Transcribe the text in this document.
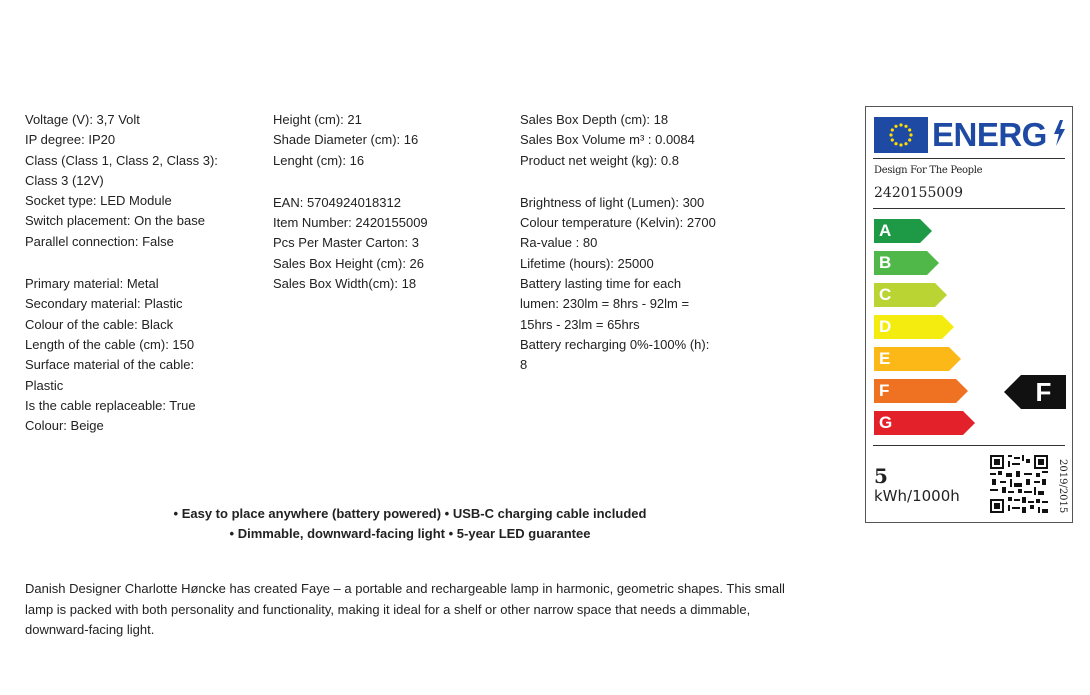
Voltage (V): 3,7 Volt
IP degree: IP20
Class (Class 1, Class 2, Class 3):
Class 3 (12V)
Socket type: LED Module
Switch placement: On the base
Parallel connection: False
Primary material: Metal
Secondary material: Plastic
Colour of the cable: Black
Length of the cable (cm): 150
Surface material of the cable:
Plastic
Is the cable replaceable: True
Colour: Beige
Height (cm): 21
Shade Diameter (cm): 16
Lenght (cm): 16
EAN: 5704924018312
Item Number: 2420155009
Pcs Per Master Carton: 3
Sales Box Height (cm): 26
Sales Box Width(cm): 18
Sales Box Depth (cm): 18
Sales Box Volume m³ : 0.0084
Product net weight (kg): 0.8
Brightness of light (Lumen): 300
Colour temperature (Kelvin): 2700
Ra-value : 80
Lifetime (hours): 25000
Battery lasting time for each
lumen: 230lm = 8hrs - 92lm =
15hrs - 23lm = 65hrs
Battery recharging 0%-100% (h):
8
• Easy to place anywhere (battery powered) • USB-C charging cable included
• Dimmable, downward-facing light • 5-year LED guarantee
Danish Designer Charlotte Høncke has created Faye – a portable and rechargeable lamp in harmonic, geometric shapes. This small lamp is packed with both personality and functionality, making it ideal for a shelf or other narrow space that needs a dimmable, downward-facing light.
ENERG
Design For The People
2420155009
A
B
C
D
E
F
G
F
5
kWh/1000h	2019/2015
